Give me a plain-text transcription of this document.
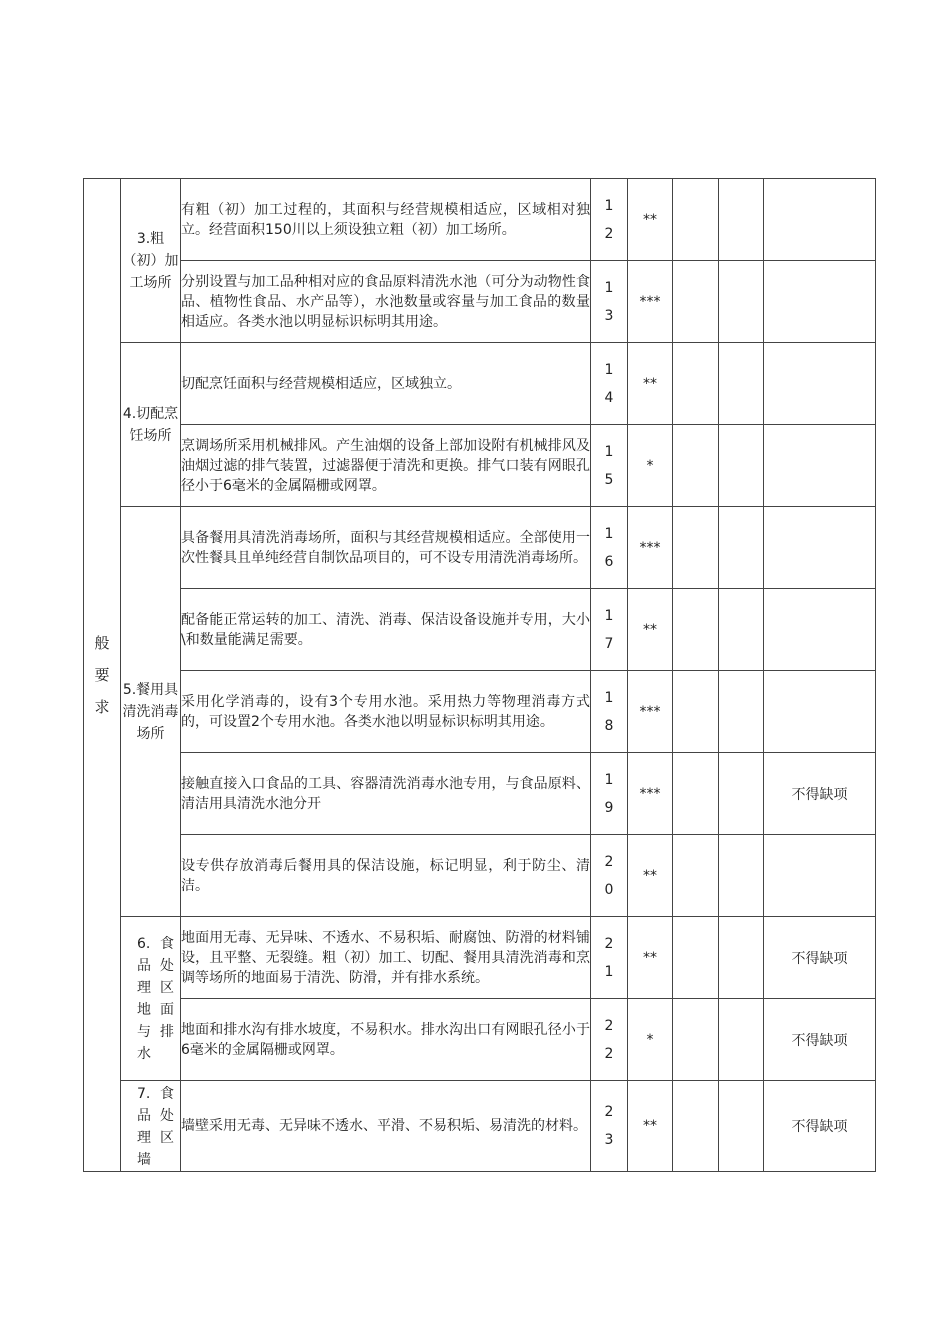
般要求	3.粗（初）加工场所	有粗（初）加工过程的，其面积与经营规模相适应，区域相对独立。经营面积150川以上须设独立粗（初）加工场所。	12	**			
		分别设置与加工品种相对应的食品原料清洗水池（可分为动物性食品、植物性食品、水产品等），水池数量或容量与加工食品的数量相适应。各类水池以明显标识标明其用途。	13	***			
	4.切配烹饪场所	切配烹饪面积与经营规模相适应，区域独立。	14	**			
		烹调场所采用机械排风。产生油烟的设备上部加设附有机械排风及油烟过滤的排气装置，过滤器便于清洗和更换。排气口装有网眼孔径小于6毫米的金属隔栅或网罩。	15	*			
	5.餐用具清洗消毒场所	具备餐用具清洗消毒场所，面积与其经营规模相适应。全部使用一次性餐具且单纯经营自制饮品项目的，可不设专用清洗消毒场所。	16	***			
		配备能正常运转的加工、清洗、消毒、保洁设备设施并专用，大小\和数量能满足需要。	17	**			
		采用化学消毒的，设有3个专用水池。采用热力等物理消毒方式的，可设置2个专用水池。各类水池以明显标识标明其用途。	18	***			
		接触直接入口食品的工具、容器清洗消毒水池专用，与食品原料、清洁用具清洗水池分开	19	***			不得缺项
		设专供存放消毒后餐用具的保洁设施，标记明显，利于防尘、清洁。	20	**			
	6.食品处理区地面与排水	地面用无毒、无异味、不透水、不易积垢、耐腐蚀、防滑的材料铺设，且平整、无裂缝。粗（初）加工、切配、餐用具清洗消毒和烹调等场所的地面易于清洗、防滑，并有排水系统。	21	**			不得缺项
		地面和排水沟有排水坡度，不易积水。排水沟出口有网眼孔径小于6毫米的金属隔栅或网罩。	22	*			不得缺项
	7.食品处理区墙	墙壁采用无毒、无异味不透水、平滑、不易积垢、易清洗的材料。	23	**			不得缺项
